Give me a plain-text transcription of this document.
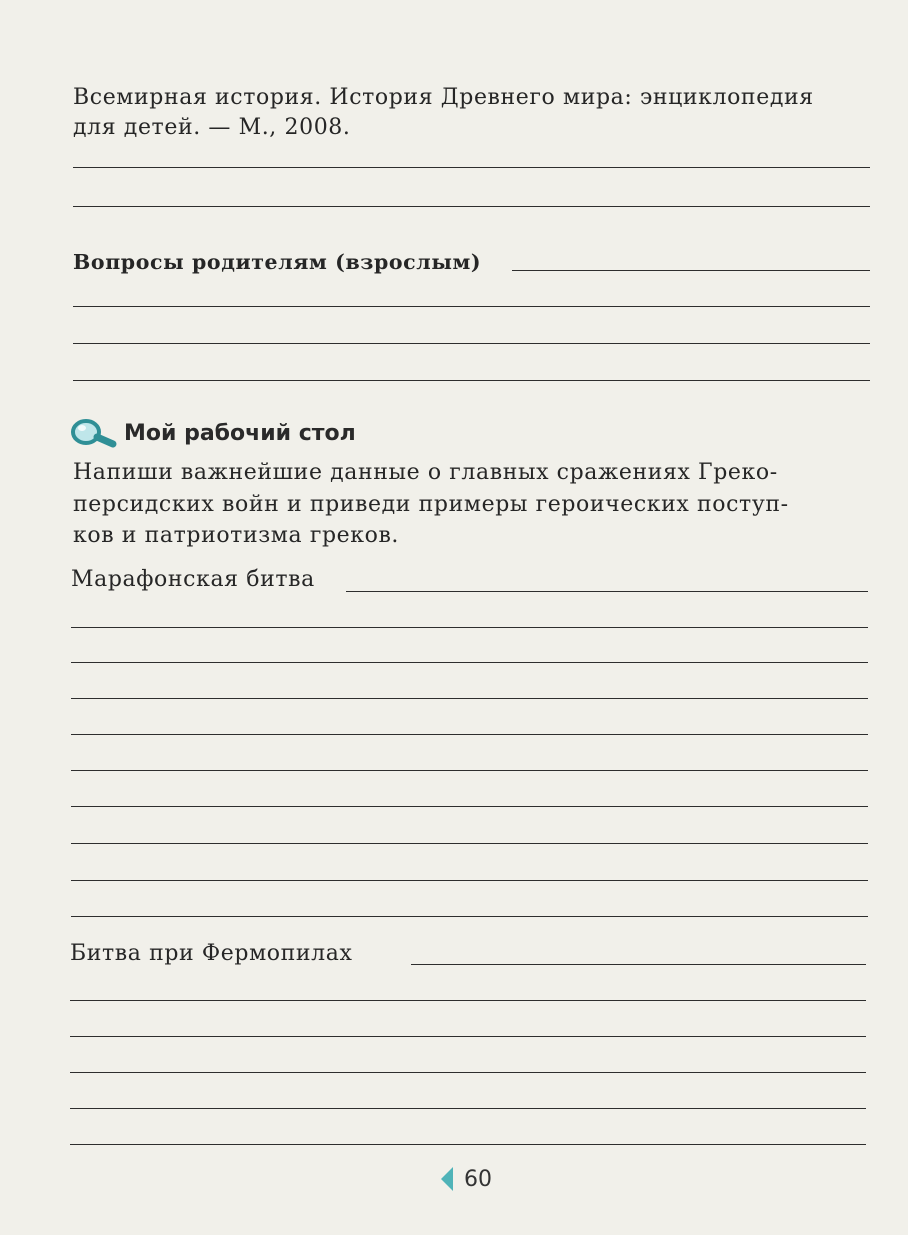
Всемирная история. История Древнего мира: энциклопедия

для детей. — М., 2008.

Вопросы родителям (взрослым)

Мой рабочий стол

Напиши важнейшие данные о главных сражениях Греко-

персидских войн и приведи примеры героических поступ-

ков и патриотизма греков.

Марафонская битва

Битва при Фермопилах

60
